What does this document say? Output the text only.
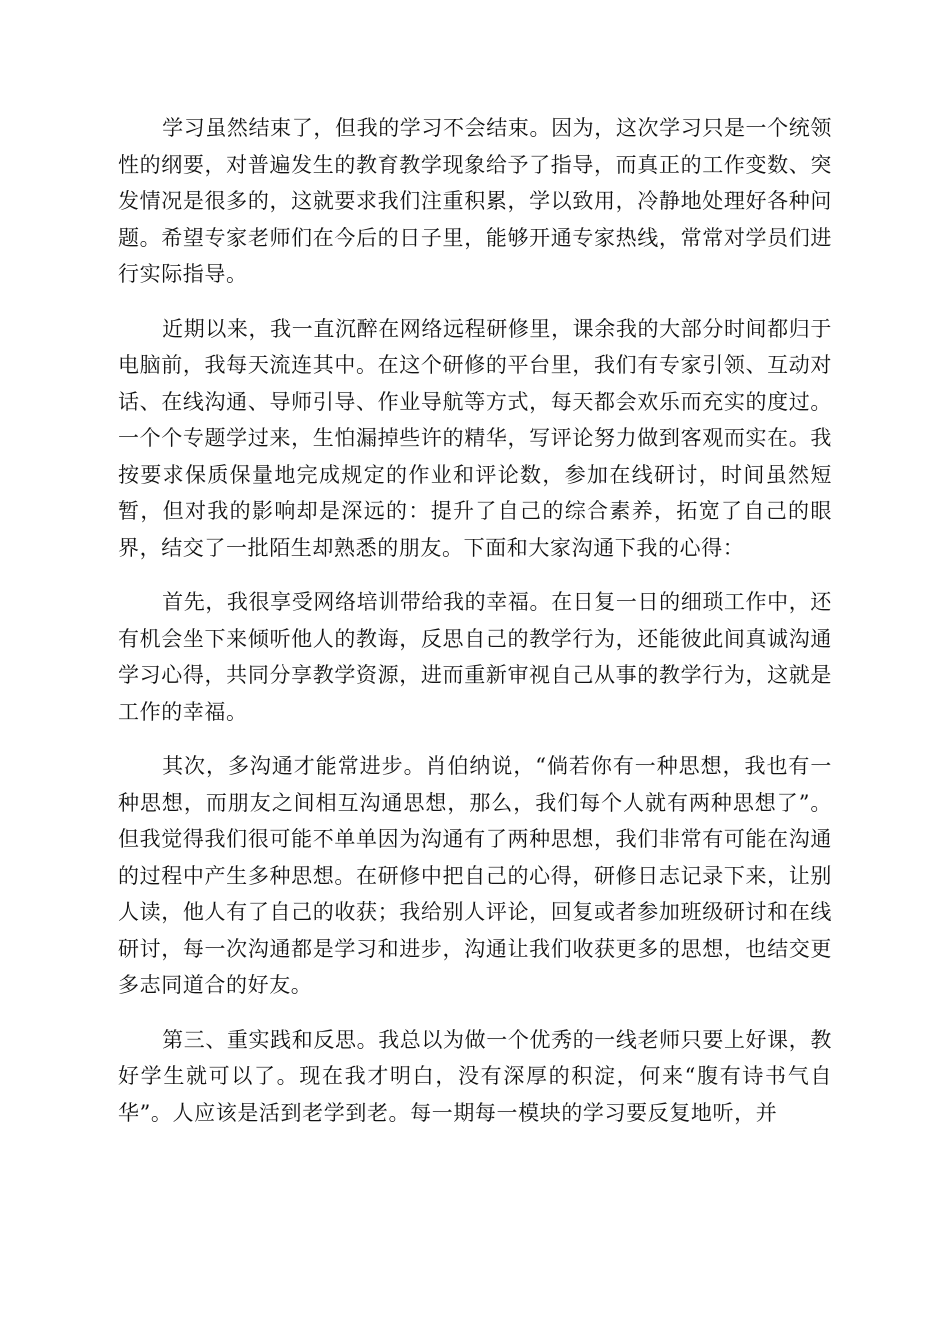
学习虽然结束了，但我的学习不会结束。因为，这次学习只是一个统领性的纲要，对普遍发生的教育教学现象给予了指导，而真正的工作变数、突发情况是很多的，这就要求我们注重积累，学以致用，冷静地处理好各种问题。希望专家老师们在今后的日子里，能够开通专家热线，常常对学员们进行实际指导。

近期以来，我一直沉醉在网络远程研修里，课余我的大部分时间都归于电脑前，我每天流连其中。在这个研修的平台里，我们有专家引领、互动对话、在线沟通、导师引导、作业导航等方式，每天都会欢乐而充实的度过。一个个专题学过来，生怕漏掉些许的精华，写评论努力做到客观而实在。我按要求保质保量地完成规定的作业和评论数，参加在线研讨，时间虽然短暂，但对我的影响却是深远的：提升了自己的综合素养，拓宽了自己的眼界，结交了一批陌生却熟悉的朋友。下面和大家沟通下我的心得：

首先，我很享受网络培训带给我的幸福。在日复一日的细琐工作中，还有机会坐下来倾听他人的教诲，反思自己的教学行为，还能彼此间真诚沟通学习心得，共同分享教学资源，进而重新审视自己从事的教学行为，这就是工作的幸福。

其次，多沟通才能常进步。肖伯纳说，“倘若你有一种思想，我也有一种思想，而朋友之间相互沟通思想，那么，我们每个人就有两种思想了”。但我觉得我们很可能不单单因为沟通有了两种思想，我们非常有可能在沟通的过程中产生多种思想。在研修中把自己的心得，研修日志记录下来，让别人读，他人有了自己的收获；我给别人评论，回复或者参加班级研讨和在线研讨，每一次沟通都是学习和进步，沟通让我们收获更多的思想，也结交更多志同道合的好友。

第三、重实践和反思。我总以为做一个优秀的一线老师只要上好课，教好学生就可以了。现在我才明白，没有深厚的积淀，何来“腹有诗书气自华”。人应该是活到老学到老。每一期每一模块的学习要反复地听，并
